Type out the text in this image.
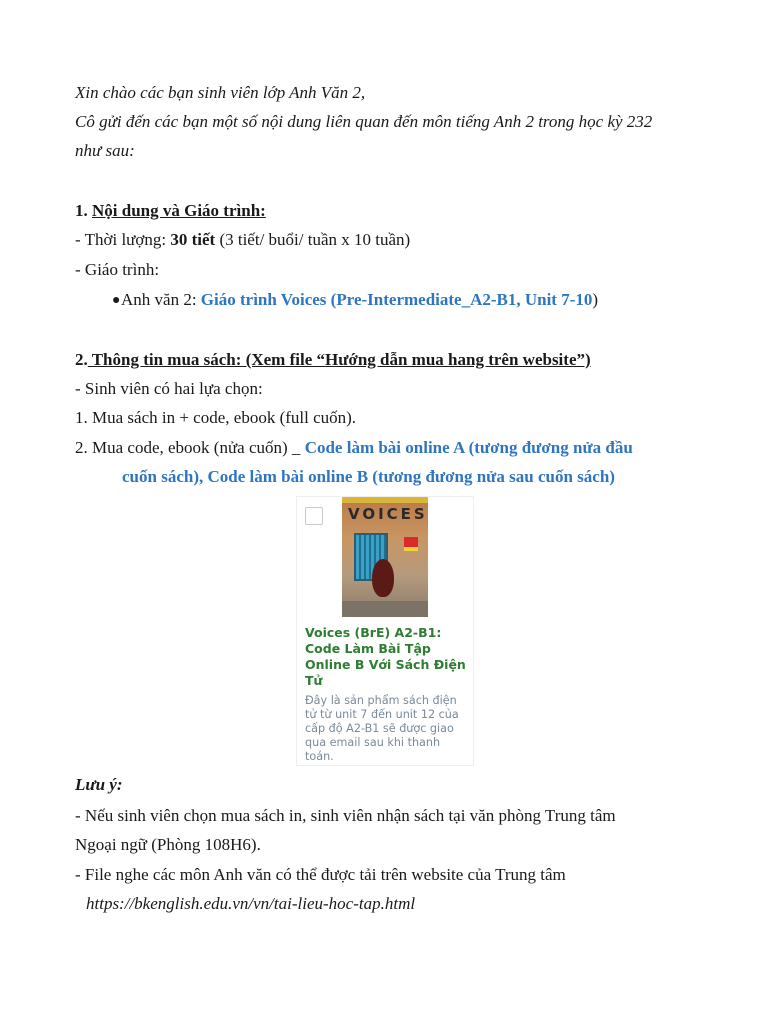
Xin chào các bạn sinh viên lớp Anh Văn 2,
Cô gửi đến các bạn một số nội dung liên quan đến môn tiếng Anh 2 trong học kỳ 232
như sau:
1. Nội dung và Giáo trình:
- Thời lượng: 30 tiết (3 tiết/ buổi/ tuần x 10 tuần)
- Giáo trình:
● Anh văn 2: Giáo trình Voices (Pre-Intermediate_A2-B1, Unit 7-10)
2. Thông tin mua sách: (Xem file “Hướng dẫn mua hang trên website”)
- Sinh viên có hai lựa chọn:
1. Mua sách in + code, ebook (full cuốn).
2. Mua code, ebook (nửa cuốn) _ Code làm bài online A (tương đương nửa đầu
cuốn sách), Code làm bài online B (tương đương nửa sau cuốn sách)
VOICES
Voices (BrE) A2-B1:
Code Làm Bài Tập
Online B Với Sách Điện
Tử
Đây là sản phẩm sách điện
tử từ unit 7 đến unit 12 của
cấp độ A2-B1 sẽ được giao
qua email sau khi thanh
toán.
Lưu ý:
- Nếu sinh viên chọn mua sách in, sinh viên nhận sách tại văn phòng Trung tâm
Ngoại ngữ (Phòng 108H6).
- File nghe các môn Anh văn có thể được tải trên website của Trung tâm
https://bkenglish.edu.vn/vn/tai-lieu-hoc-tap.html
